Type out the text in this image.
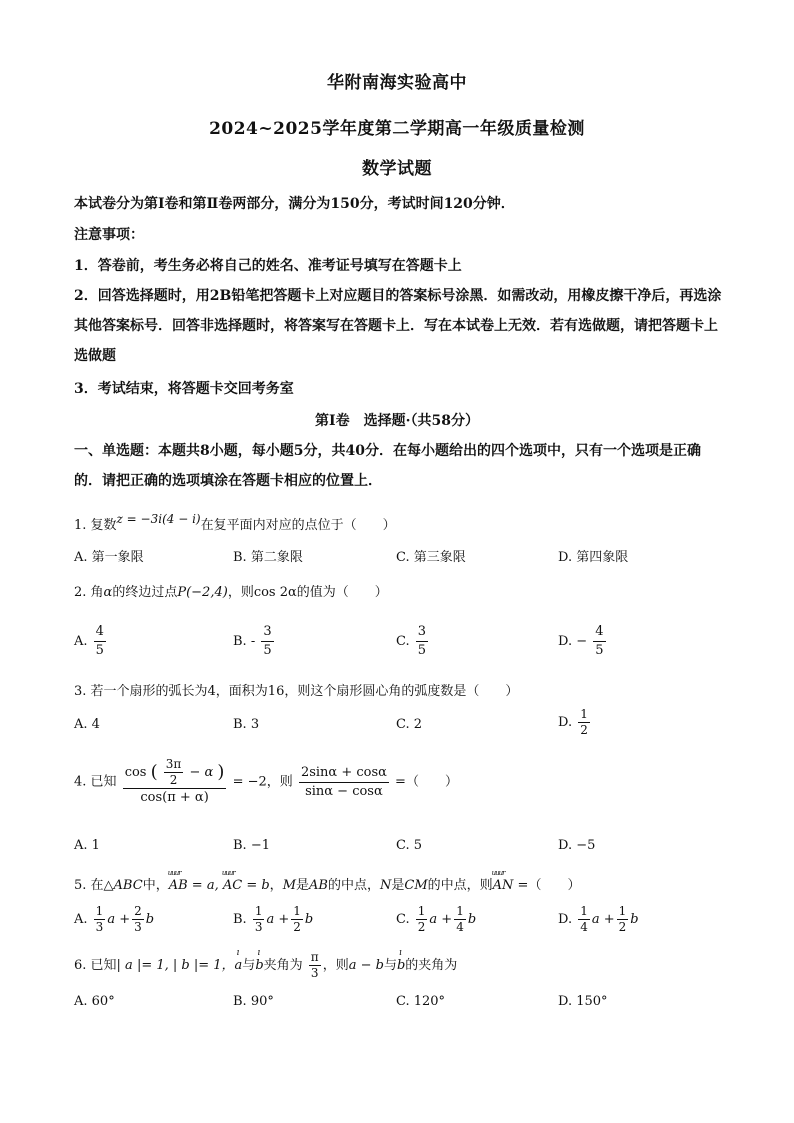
华附南海实验高中
2024~2025学年度第二学期高一年级质量检测
数学试题
本试卷分为第Ⅰ卷和第Ⅱ卷两部分，满分为150分，考试时间120分钟．
注意事项：
1．答卷前，考生务必将自己的姓名、准考证号填写在答题卡上
2．回答选择题时，用2B铅笔把答题卡上对应题目的答案标号涂黑．如需改动，用橡皮擦干净后，再选涂其他答案标号．回答非选择题时，将答案写在答题卡上．写在本试卷上无效．若有选做题，请把答题卡上选做题
3．考试结束，将答题卡交回考务室
第Ⅰ卷　选择题·（共58分）
一、单选题：本题共8小题，每小题5分，共40分．在每小题给出的四个选项中，只有一个选项是正确的．请把正确的选项填涂在答题卡相应的位置上．
1. 复数z = −3i(4 − i)在复平面内对应的点位于（　　）
A. 第一象限	B. 第二象限	C. 第三象限	D. 第四象限
2. 角α的终边过点P(−2,4)，则cos 2α的值为（　　）
A. $\frac{4}{5}$	B. - $\frac{3}{5}$	C. $\frac{3}{5}$	D. − $\frac{4}{5}$
3. 若一个扇形的弧长为4，面积为16，则这个扇形圆心角的弧度数是（　　）
A. 4	B. 3	C. 2	D. $\frac{1}{2}$
4. 已知 $\frac{\cos ( \frac{3\pi}{2} - \alpha )}{\cos(\pi + \alpha)} = -2$，则 $\frac{2\sin\alpha + \cos\alpha}{\sin\alpha - \cos\alpha}$ =（　　）
A. 1	B. −1	C. 5	D. −5
5. 在△ABC中，uuur AB = a, uuur AC = b，M是AB的中点，N是CM的中点，则uuur AN =（　　）
A. $\frac{1}{3}$ $a + \frac{2}{3}$ b	B. $\frac{1}{3}$ $a + \frac{1}{2}$ b	C. $\frac{1}{2}$ $a + \frac{1}{4}$ b	D. $\frac{1}{4}$ $a + \frac{1}{2}$ b
6. 已知| a |= 1, | b |= 1，ı a与ı b夹角为 $\frac{\pi}{3}$ ，则a − b与ı b的夹角为
A. 60°	B. 90°	C. 120°	D. 150°
